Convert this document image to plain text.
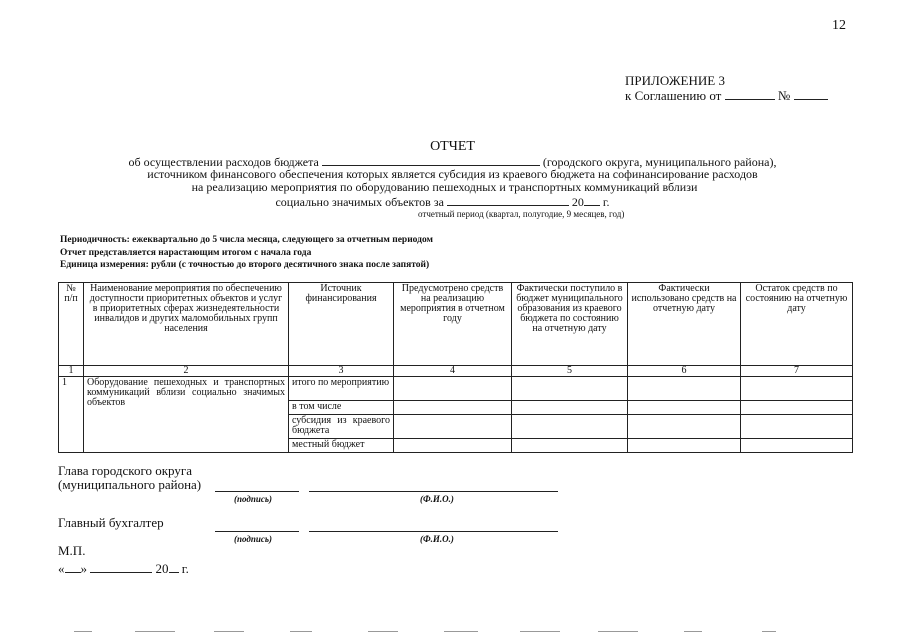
12
ПРИЛОЖЕНИЕ 3
к Соглашению от	№
ОТЧЕТ
об осуществлении расходов бюджета	(городского округа, муниципального района),
источником финансового обеспечения которых является субсидия из краевого бюджета на софинансирование расходов
на реализацию мероприятия по оборудованию пешеходных и транспортных коммуникаций вблизи
социально значимых объектов за	20 г.
отчетный период (квартал, полугодие, 9 месяцев, год)
Периодичность: ежеквартально до 5 числа месяца, следующего за отчетным периодом
Отчет представляется нарастающим итогом с начала года
Единица измерения: рубли (с точностью до второго десятичного знака после запятой)
№ п/п	Наименование мероприятия по обеспечению доступности приоритетных объектов и услуг в приоритетных сферах жизнедеятельности инвалидов и других маломобильных групп населения	Источник финансирования	Предусмотрено средств на реализацию мероприятия в отчетном году	Фактически поступило в бюджет муниципального образования из краевого бюджета по состоянию на отчетную дату	Фактически использовано средств на отчетную дату	Остаток средств по состоянию на отчетную дату
1	2	3	4	5	6	7
1	Оборудование пешеходных и транспортных коммуникаций вблизи социально значимых объектов	итого по мероприятию				
		в том числе				
		субсидия из краевого бюджета				
		местный бюджет				
Глава городского округа
(муниципального района)
(подпись)	(Ф.И.О.)
Главный бухгалтер
(подпись)	(Ф.И.О.)
М.П.
« »	20 г.
